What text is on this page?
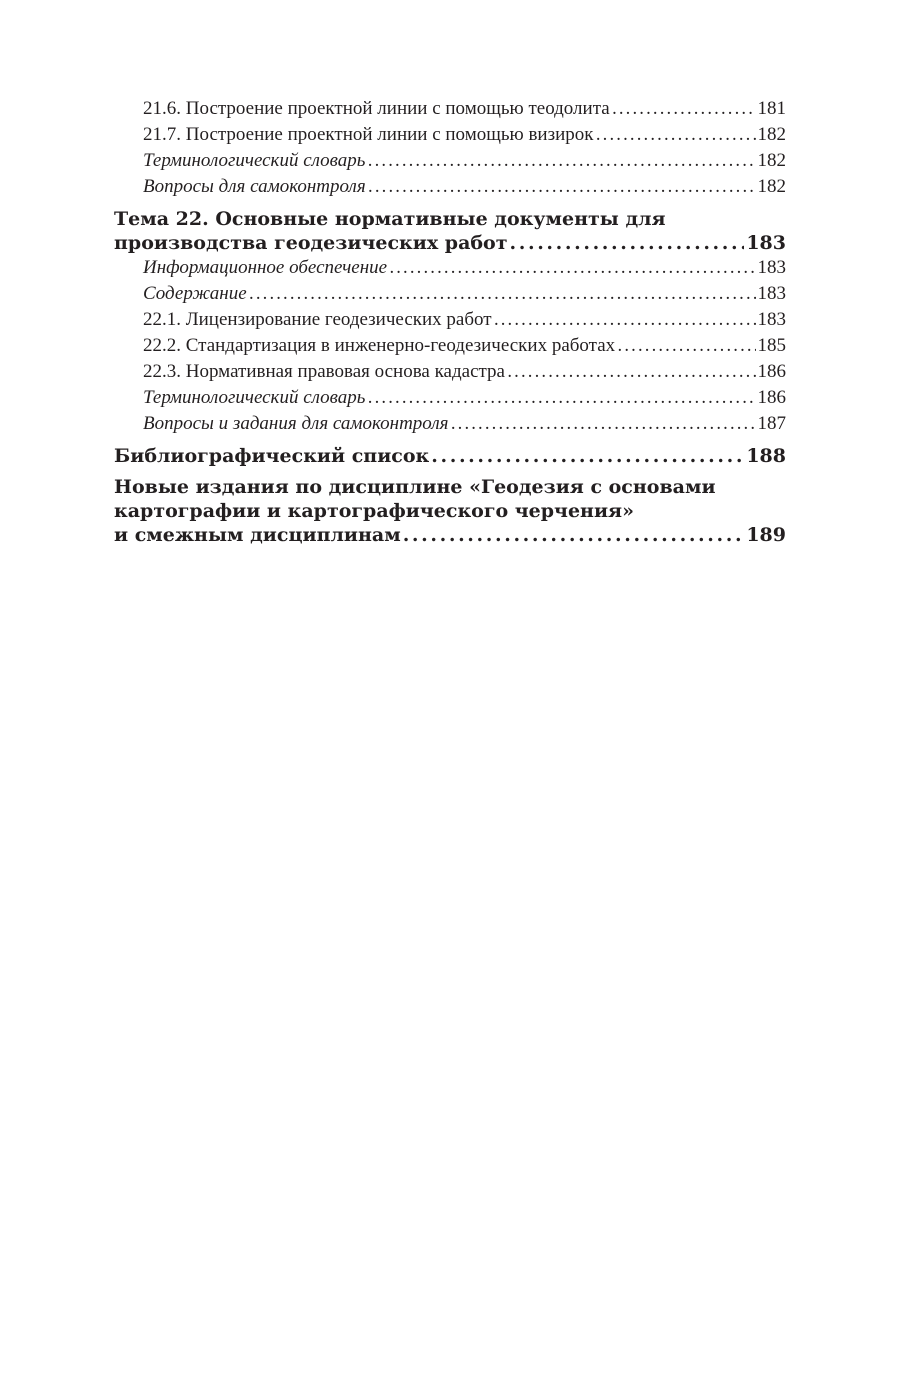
21.6. Построение проектной линии с помощью теодолита . . .	181
21.7. Построение проектной линии с помощью визирок . . .	182
Терминологический словарь . . .	182
Вопросы для самоконтроля . . .	182
Тема 22. Основные нормативные документы для
производства геодезических работ . . .	183
Информационное обеспечение . . .	183
Содержание . . .	183
22.1. Лицензирование геодезических работ . . .	183
22.2. Стандартизация в инженерно-геодезических работах . . .	185
22.3. Нормативная правовая основа кадастра . . .	186
Терминологический словарь . . .	186
Вопросы и задания для самоконтроля . . .	187
Библиографический список . . .	188
Новые издания по дисциплине «Геодезия с основами
картографии и картографического черчения»
и смежным дисциплинам . . .	189
